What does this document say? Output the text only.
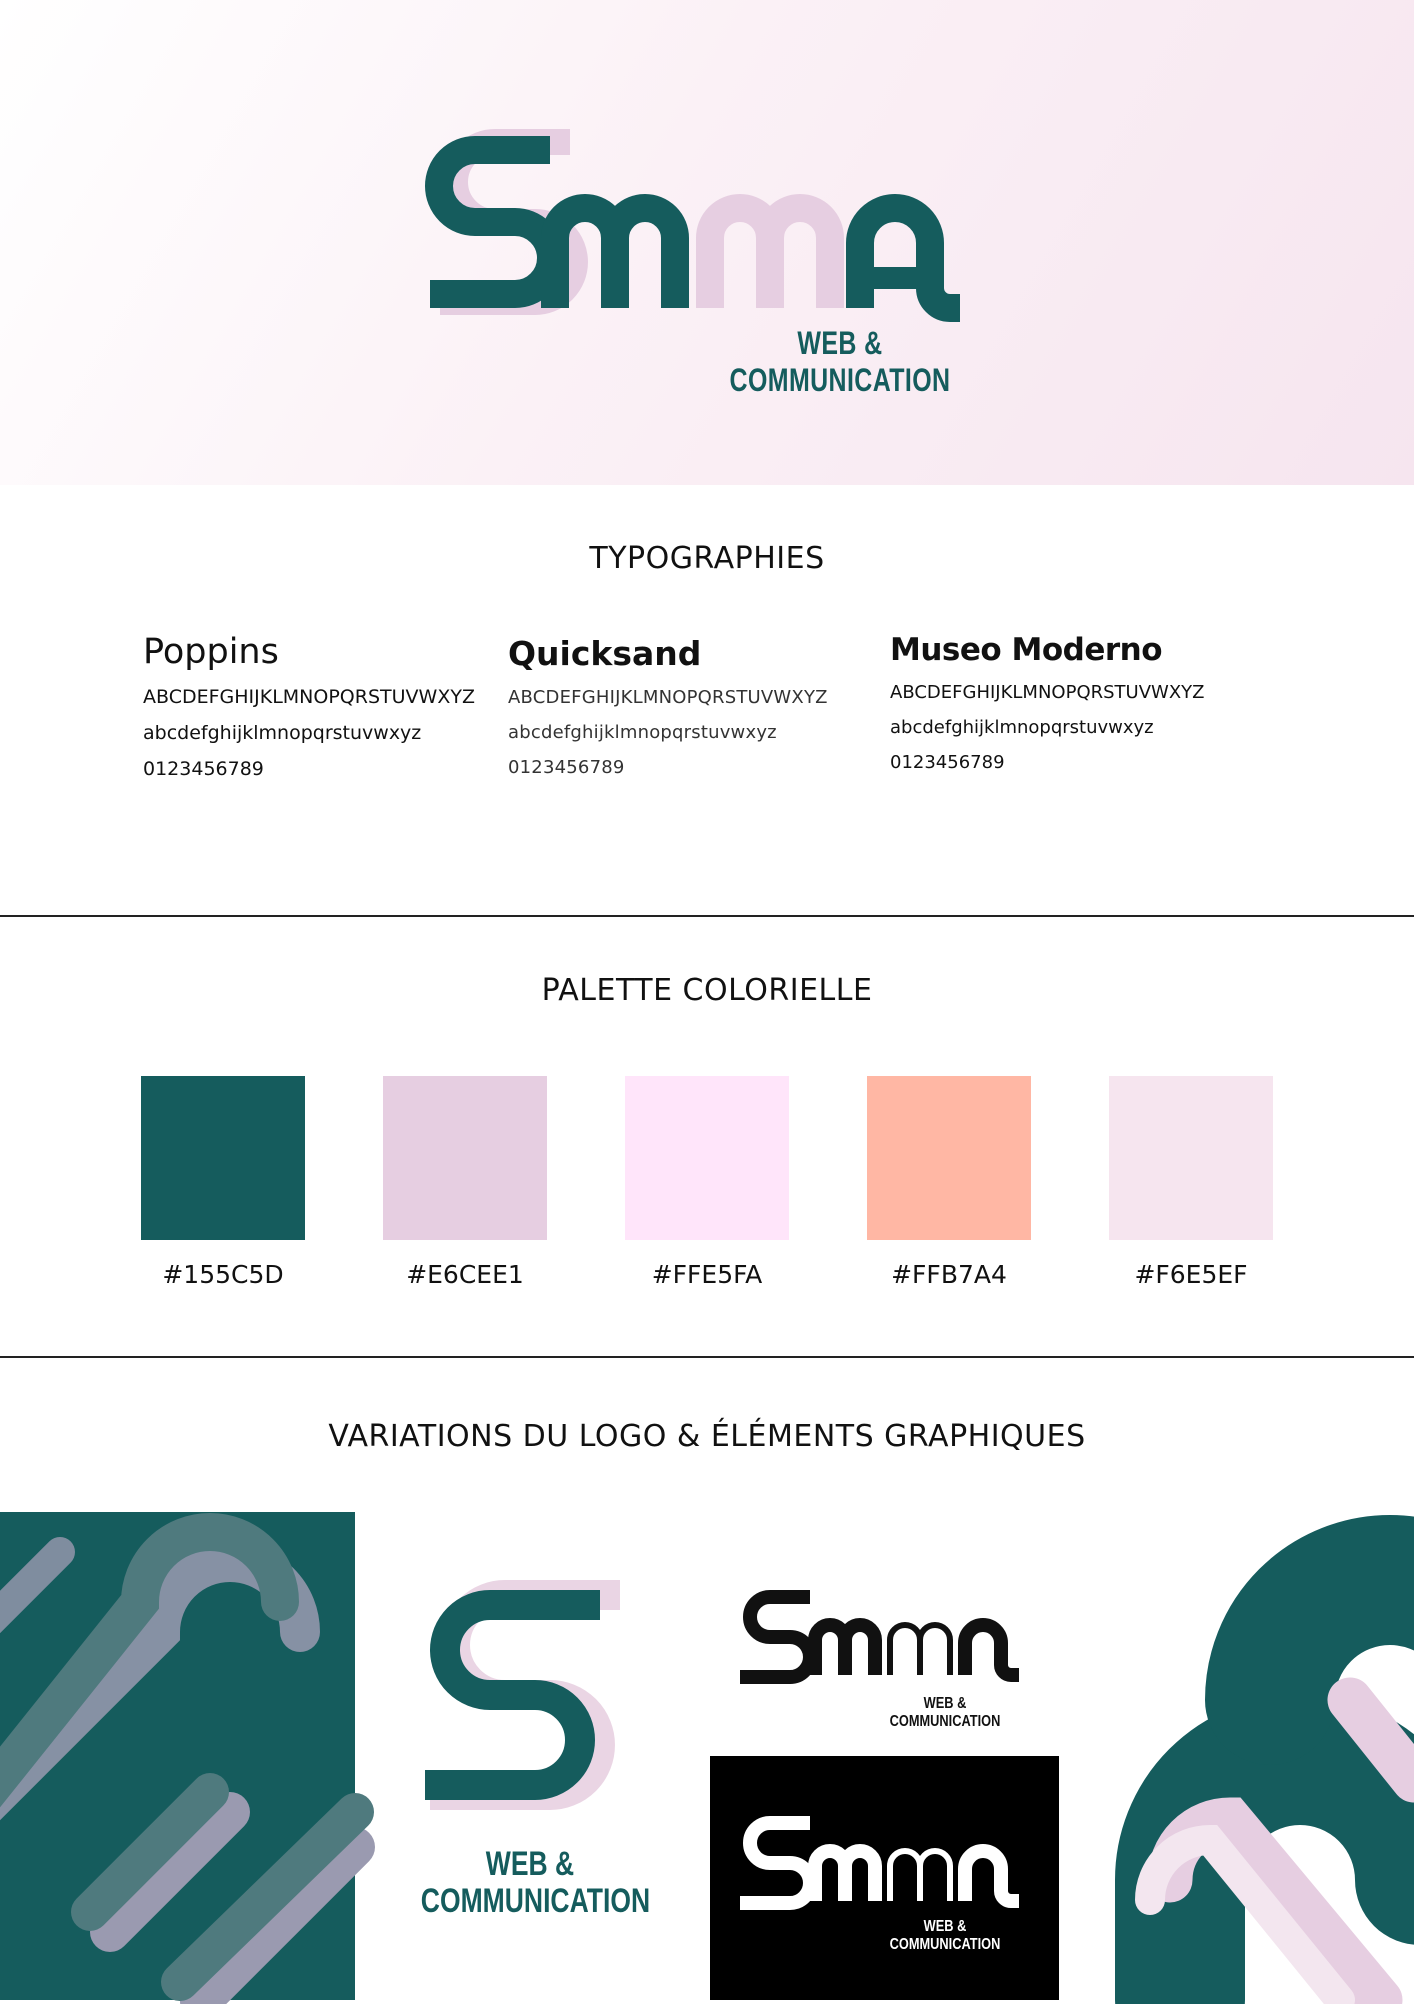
WEB & COMMUNICATION
TYPOGRAPHIES
Poppins
ABCDEFGHIJKLMNOPQRSTUVWXYZ
abcdefghijklmnopqrstuvwxyz
0123456789
Quicksand
ABCDEFGHIJKLMNOPQRSTUVWXYZ
abcdefghijklmnopqrstuvwxyz
0123456789
Museo Moderno
ABCDEFGHIJKLMNOPQRSTUVWXYZ
abcdefghijklmnopqrstuvwxyz
0123456789
PALETTE COLORIELLE
#155C5D	#E6CEE1	#FFE5FA	#FFB7A4	#F6E5EF
VARIATIONS DU LOGO & ÉLÉMENTS GRAPHIQUES
WEB &
COMMUNICATION
WEB & COMMUNICATION
WEB & COMMUNICATION
